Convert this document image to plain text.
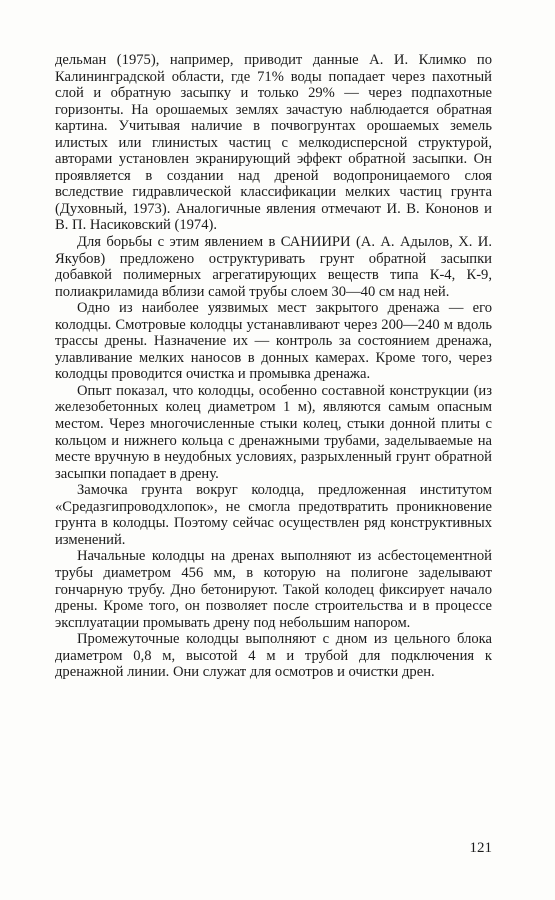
дельман (1975), например, приводит данные А. И. Климко по Калининградской области, где 71% воды попадает через пахотный слой и обратную засыпку и только 29% — через подпахотные горизонты. На орошаемых землях зачастую наблюдается обратная картина. Учитывая наличие в почвогрунтах орошаемых земель илистых или глинистых частиц с мелкодисперсной структурой, авторами установлен экранирующий эффект обратной засыпки. Он проявляется в создании над дреной водопроницаемого слоя вследствие гидравлической классификации мелких частиц грунта (Духовный, 1973). Аналогичные явления отмечают И. В. Кононов и В. П. Насиковский (1974).

Для борьбы с этим явлением в САНИИРИ (А. А. Адылов, Х. И. Якубов) предложено оструктуривать грунт обратной засыпки добавкой полимерных агрегатирующих веществ типа К-4, К-9, полиакриламида вблизи самой трубы слоем 30—40 см над ней.

Одно из наиболее уязвимых мест закрытого дренажа — его колодцы. Смотровые колодцы устанавливают через 200—240 м вдоль трассы дрены. Назначение их — контроль за состоянием дренажа, улавливание мелких наносов в донных камерах. Кроме того, через колодцы проводится очистка и промывка дренажа.

Опыт показал, что колодцы, особенно составной конструкции (из железобетонных колец диаметром 1 м), являются самым опасным местом. Через многочисленные стыки колец, стыки донной плиты с кольцом и нижнего кольца с дренажными трубами, заделываемые на месте вручную в неудобных условиях, разрыхленный грунт обратной засыпки попадает в дрену.

Замочка грунта вокруг колодца, предложенная институтом «Средазгипроводхлопок», не смогла предотвратить проникновение грунта в колодцы. Поэтому сейчас осуществлен ряд конструктивных изменений.

Начальные колодцы на дренах выполняют из асбестоцементной трубы диаметром 456 мм, в которую на полигоне заделывают гончарную трубу. Дно бетонируют. Такой колодец фиксирует начало дрены. Кроме того, он позволяет после строительства и в процессе эксплуатации промывать дрену под небольшим напором.

Промежуточные колодцы выполняют с дном из цельного блока диаметром 0,8 м, высотой 4 м и трубой для подключения к дренажной линии. Они служат для осмотров и очистки дрен.

121
